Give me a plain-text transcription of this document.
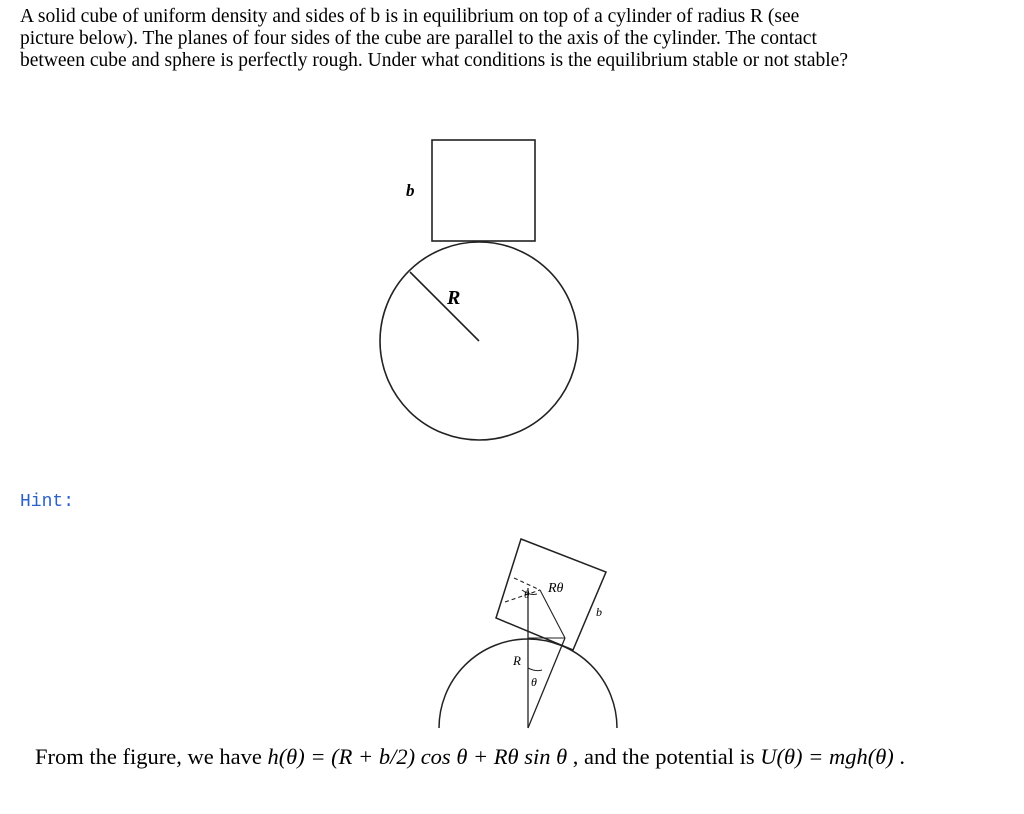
A solid cube of uniform density and sides of b is in equilibrium on top of a cylinder of radius R (see
picture below). The planes of four sides of the cube are parallel to the axis of the cylinder. The contact
between cube and sphere is perfectly rough. Under what conditions is the equilibrium stable or not stable?
b
R
θ Rθ
b
R
θ
Hint:
From the figure, we have h(θ) = (R + b/2) cos θ + Rθ sin θ , and the potential is U(θ) = mgh(θ) .
